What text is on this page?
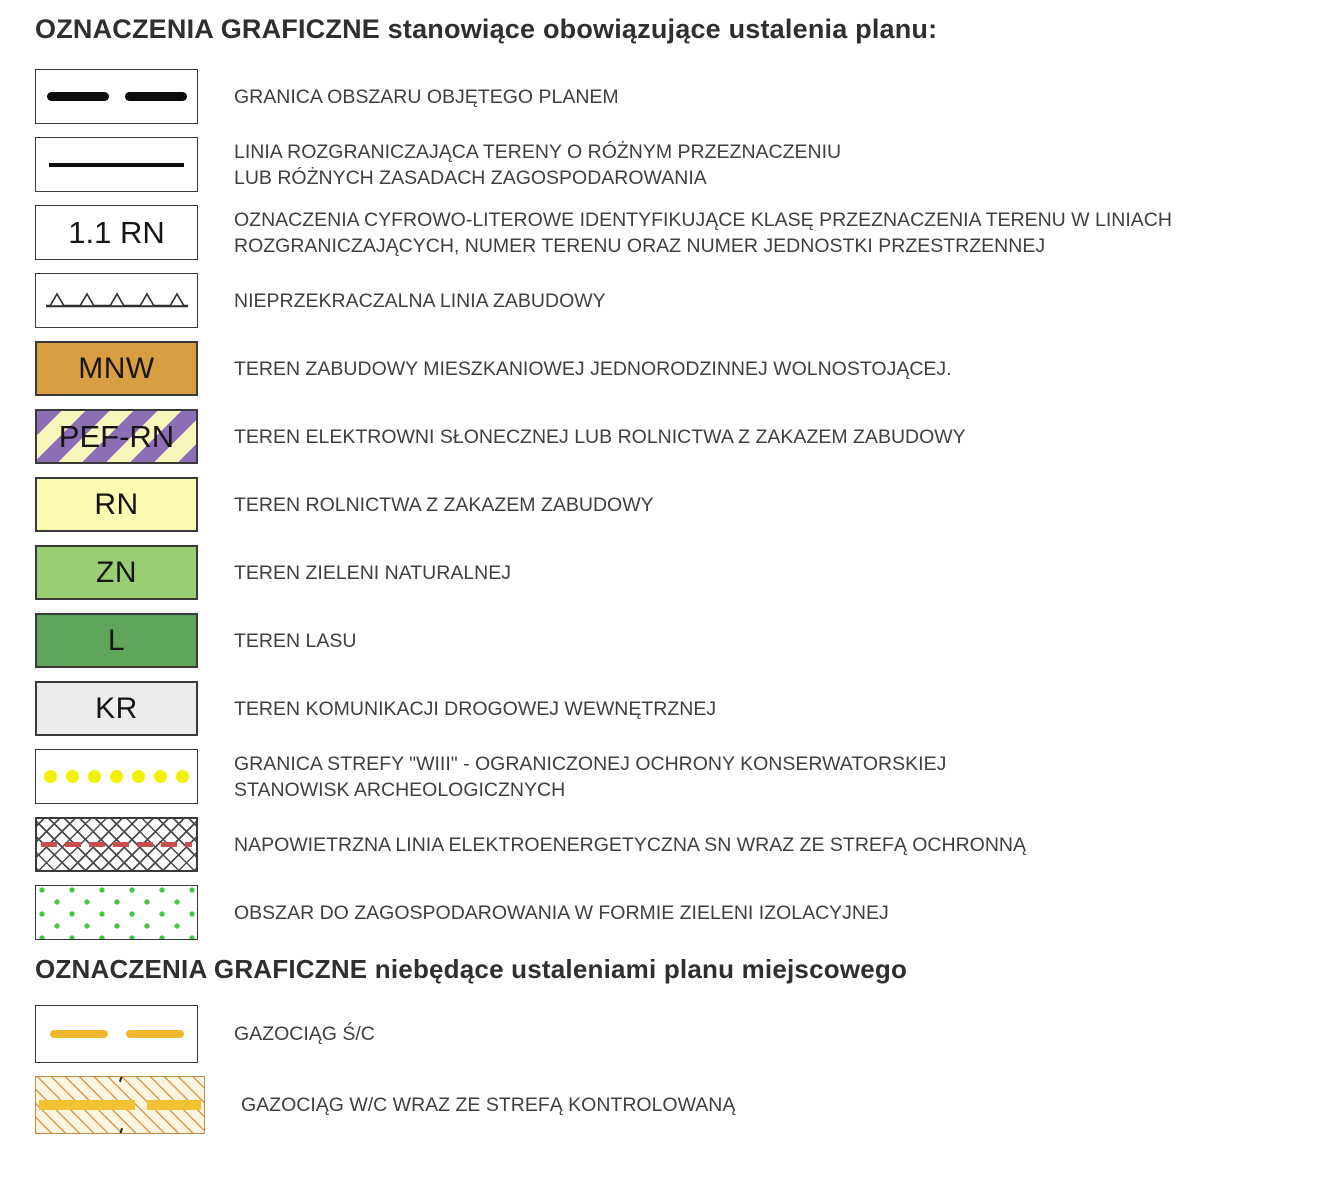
OZNACZENIA GRAFICZNE stanowiące obowiązujące ustalenia planu:
GRANICA OBSZARU OBJĘTEGO PLANEM
LINIA ROZGRANICZAJĄCA TERENY O RÓŻNYM PRZEZNACZENIU
LUB RÓŻNYCH ZASADACH ZAGOSPODAROWANIA
1.1 RN	OZNACZENIA CYFROWO-LITEROWE IDENTYFIKUJĄCE KLASĘ PRZEZNACZENIA TERENU W LINIACH
ROZGRANICZAJĄCYCH, NUMER TERENU ORAZ NUMER JEDNOSTKI PRZESTRZENNEJ
NIEPRZEKRACZALNA LINIA ZABUDOWY
MNW	TEREN ZABUDOWY MIESZKANIOWEJ JEDNORODZINNEJ WOLNOSTOJĄCEJ.
PEF-RN	TEREN ELEKTROWNI SŁONECZNEJ LUB ROLNICTWA Z ZAKAZEM ZABUDOWY
RN	TEREN ROLNICTWA Z ZAKAZEM ZABUDOWY
ZN	TEREN ZIELENI NATURALNEJ
L	TEREN LASU
KR	TEREN KOMUNIKACJI DROGOWEJ WEWNĘTRZNEJ
GRANICA STREFY "WIII" - OGRANICZONEJ OCHRONY KONSERWATORSKIEJ
STANOWISK ARCHEOLOGICZNYCH
NAPOWIETRZNA LINIA ELEKTROENERGETYCZNA SN WRAZ ZE STREFĄ OCHRONNĄ
OBSZAR DO ZAGOSPODAROWANIA W FORMIE ZIELENI IZOLACYJNEJ
OZNACZENIA GRAFICZNE niebędące ustaleniami planu miejscowego
GAZOCIĄG Ś/C
GAZOCIĄG W/C WRAZ ZE STREFĄ KONTROLOWANĄ
